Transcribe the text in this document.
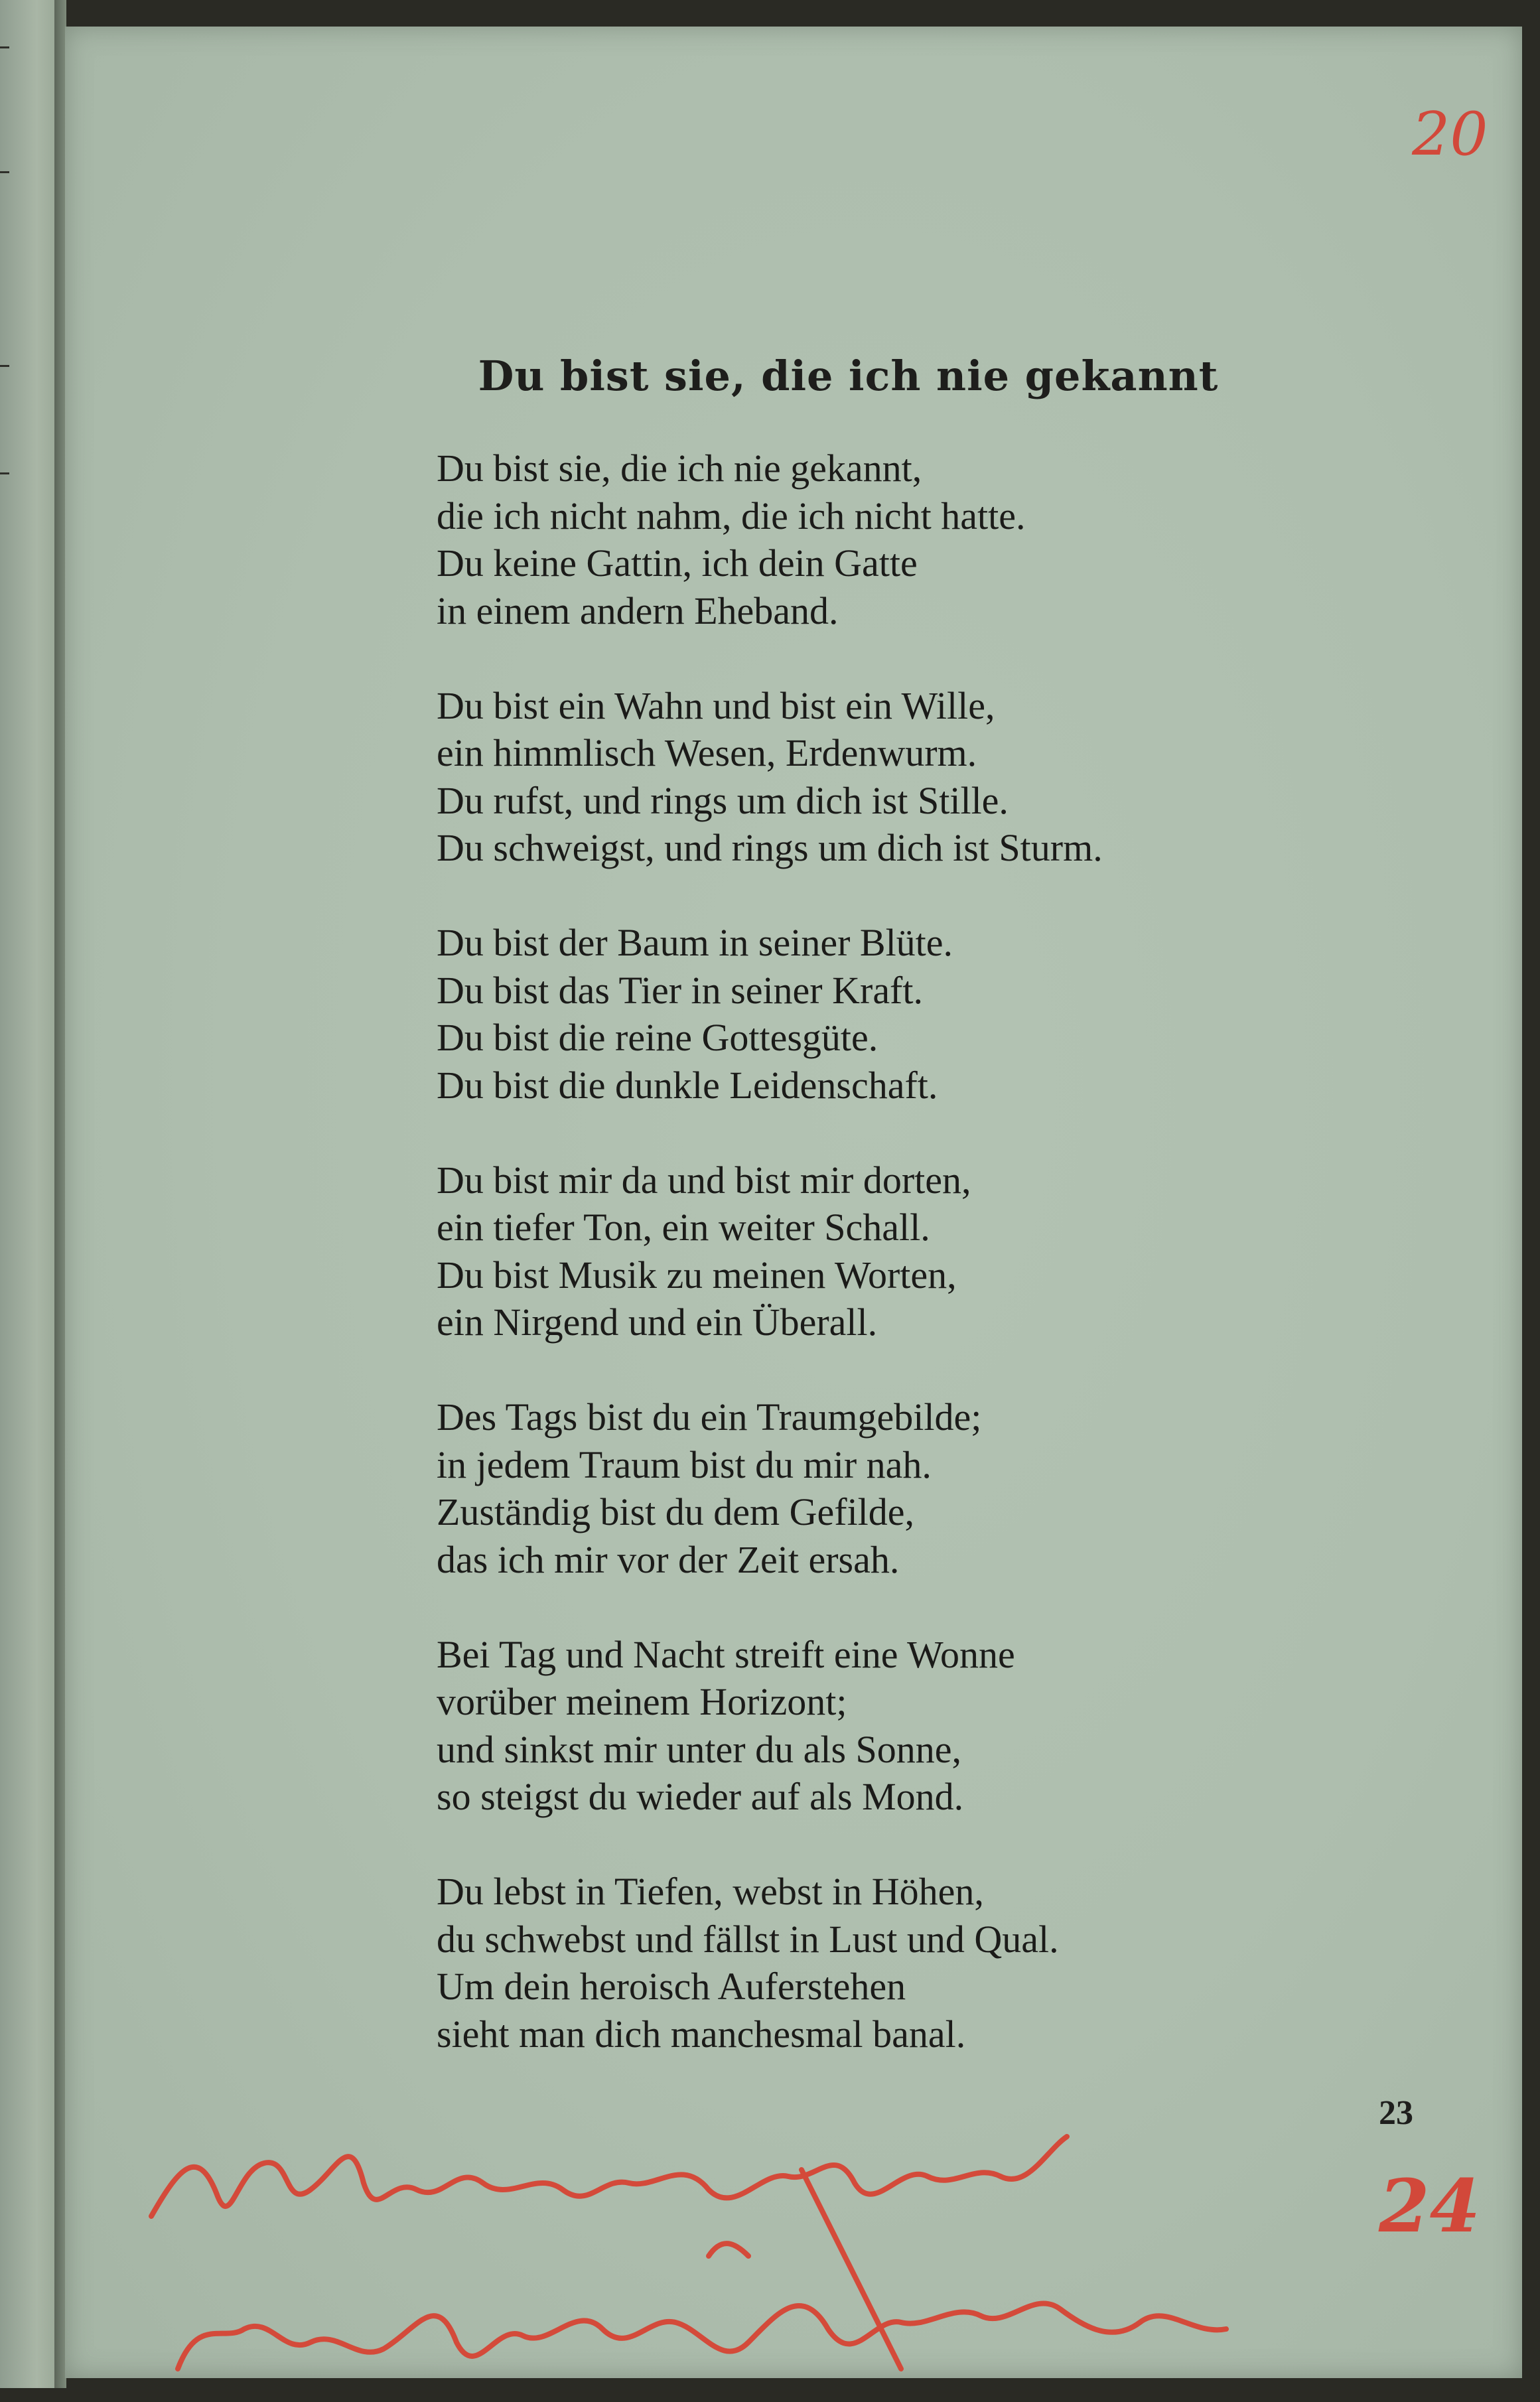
20
Du bist sie, die ich nie gekannt
Du bist sie, die ich nie gekannt,
die ich nicht nahm, die ich nicht hatte.
Du keine Gattin, ich dein Gatte
in einem andern Eheband.
Du bist ein Wahn und bist ein Wille,
ein himmlisch Wesen, Erdenwurm.
Du rufst, und rings um dich ist Stille.
Du schweigst, und rings um dich ist Sturm.
Du bist der Baum in seiner Blüte.
Du bist das Tier in seiner Kraft.
Du bist die reine Gottesgüte.
Du bist die dunkle Leidenschaft.
Du bist mir da und bist mir dorten,
ein tiefer Ton, ein weiter Schall.
Du bist Musik zu meinen Worten,
ein Nirgend und ein Überall.
Des Tags bist du ein Traumgebilde;
in jedem Traum bist du mir nah.
Zuständig bist du dem Gefilde,
das ich mir vor der Zeit ersah.
Bei Tag und Nacht streift eine Wonne
vorüber meinem Horizont;
und sinkst mir unter du als Sonne,
so steigst du wieder auf als Mond.
Du lebst in Tiefen, webst in Höhen,
du schwebst und fällst in Lust und Qual.
Um dein heroisch Auferstehen
sieht man dich manchesmal banal.
23
24
